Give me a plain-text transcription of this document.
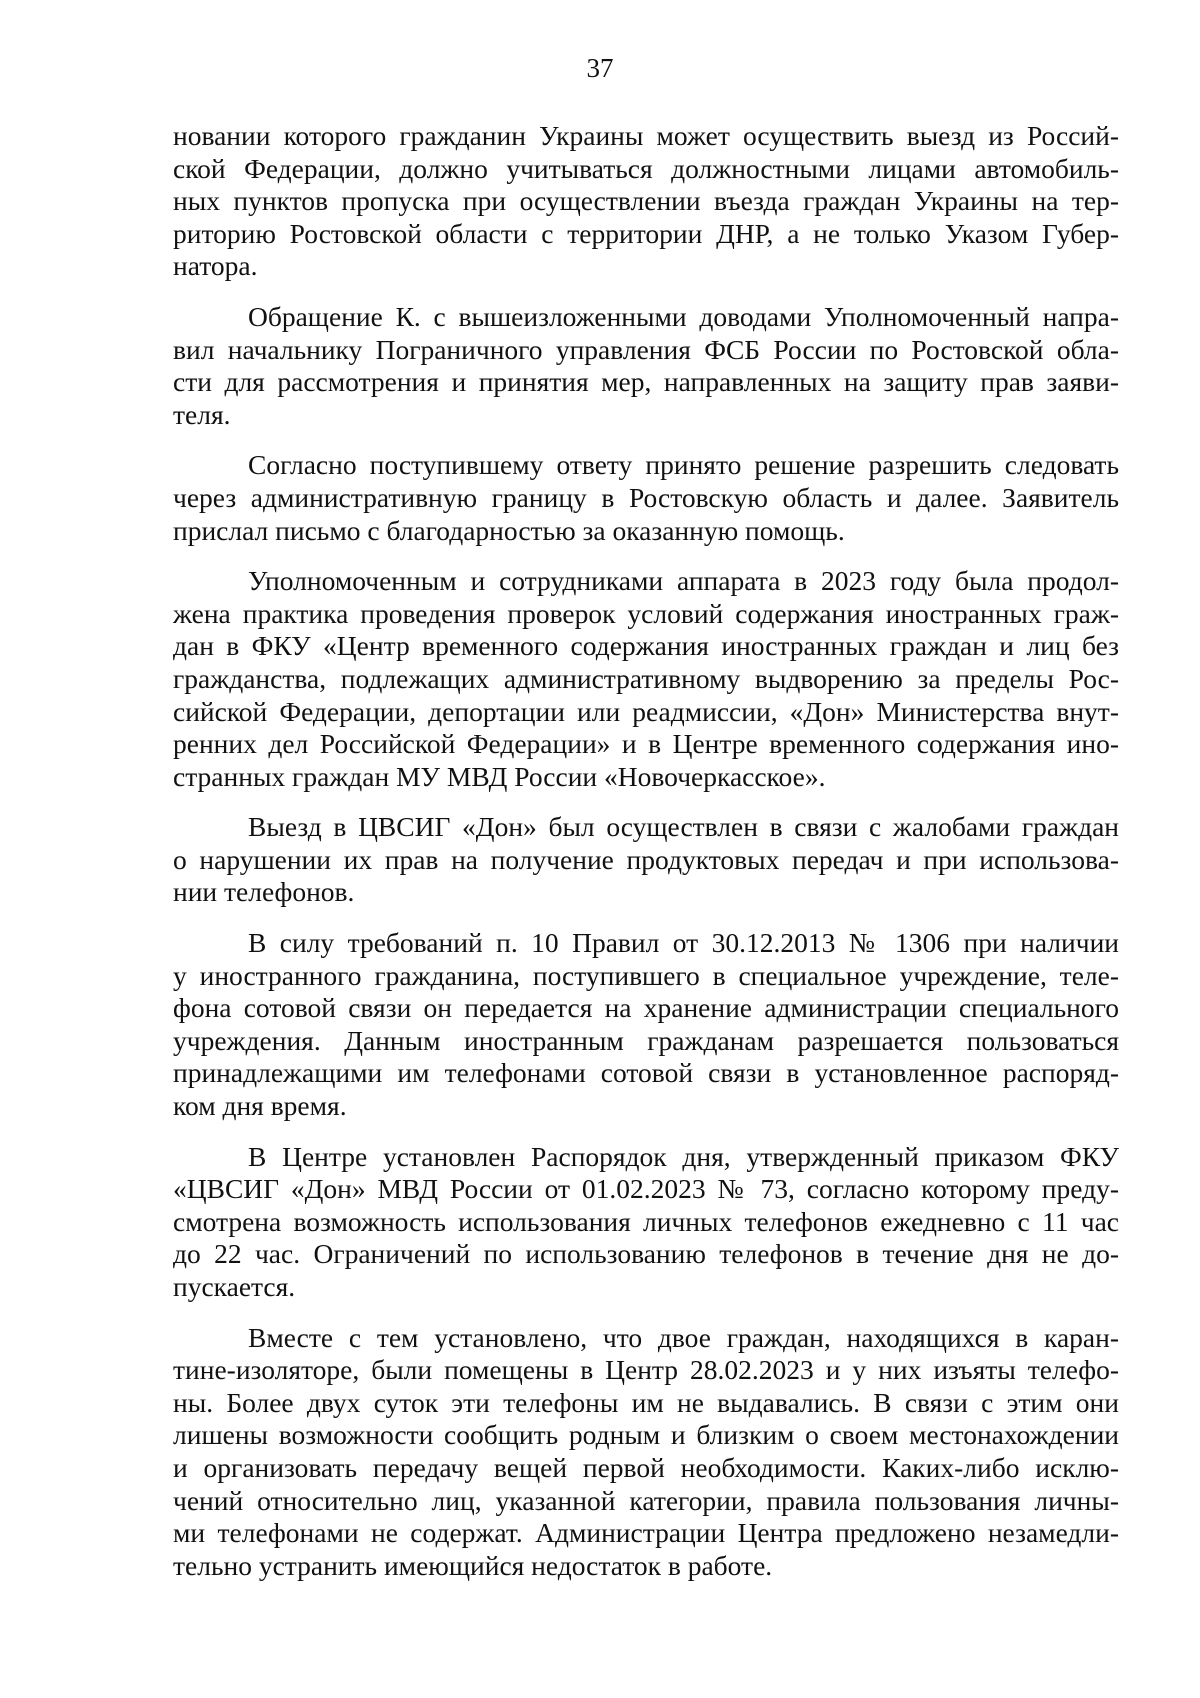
37

новании которого гражданин Украины может осуществить выезд из Россий-
ской Федерации, должно учитываться должностными лицами автомобиль-
ных пунктов пропуска при осуществлении въезда граждан Украины на тер-
риторию Ростовской области с территории ДНР, а не только Указом Губер-
натора.

Обращение К. с вышеизложенными доводами Уполномоченный напра-
вил начальнику Пограничного управления ФСБ России по Ростовской обла-
сти для рассмотрения и принятия мер, направленных на защиту прав заяви-
теля.

Согласно поступившему ответу принято решение разрешить следовать
через административную границу в Ростовскую область и далее. Заявитель
прислал письмо с благодарностью за оказанную помощь.

Уполномоченным и сотрудниками аппарата в 2023 году была продол-
жена практика проведения проверок условий содержания иностранных граж-
дан в ФКУ «Центр временного содержания иностранных граждан и лиц без
гражданства, подлежащих административному выдворению за пределы Рос-
сийской Федерации, депортации или реадмиссии, «Дон» Министерства внут-
ренних дел Российской Федерации» и в Центре временного содержания ино-
странных граждан МУ МВД России «Новочеркасское».

Выезд в ЦВСИГ «Дон» был осуществлен в связи с жалобами граждан
о нарушении их прав на получение продуктовых передач и при использова-
нии телефонов.

В силу требований п. 10 Правил от 30.12.2013 № 1306 при наличии
у иностранного гражданина, поступившего в специальное учреждение, теле-
фона сотовой связи он передается на хранение администрации специального
учреждения. Данным иностранным гражданам разрешается пользоваться
принадлежащими им телефонами сотовой связи в установленное распоряд-
ком дня время.

В Центре установлен Распорядок дня, утвержденный приказом ФКУ
«ЦВСИГ «Дон» МВД России от 01.02.2023 № 73, согласно которому преду-
смотрена возможность использования личных телефонов ежедневно с 11 час
до 22 час. Ограничений по использованию телефонов в течение дня не до-
пускается.

Вместе с тем установлено, что двое граждан, находящихся в каран-
тине-изоляторе, были помещены в Центр 28.02.2023 и у них изъяты телефо-
ны. Более двух суток эти телефоны им не выдавались. В связи с этим они
лишены возможности сообщить родным и близким о своем местонахождении
и организовать передачу вещей первой необходимости. Каких-либо исклю-
чений относительно лиц, указанной категории, правила пользования личны-
ми телефонами не содержат. Администрации Центра предложено незамедли-
тельно устранить имеющийся недостаток в работе.
